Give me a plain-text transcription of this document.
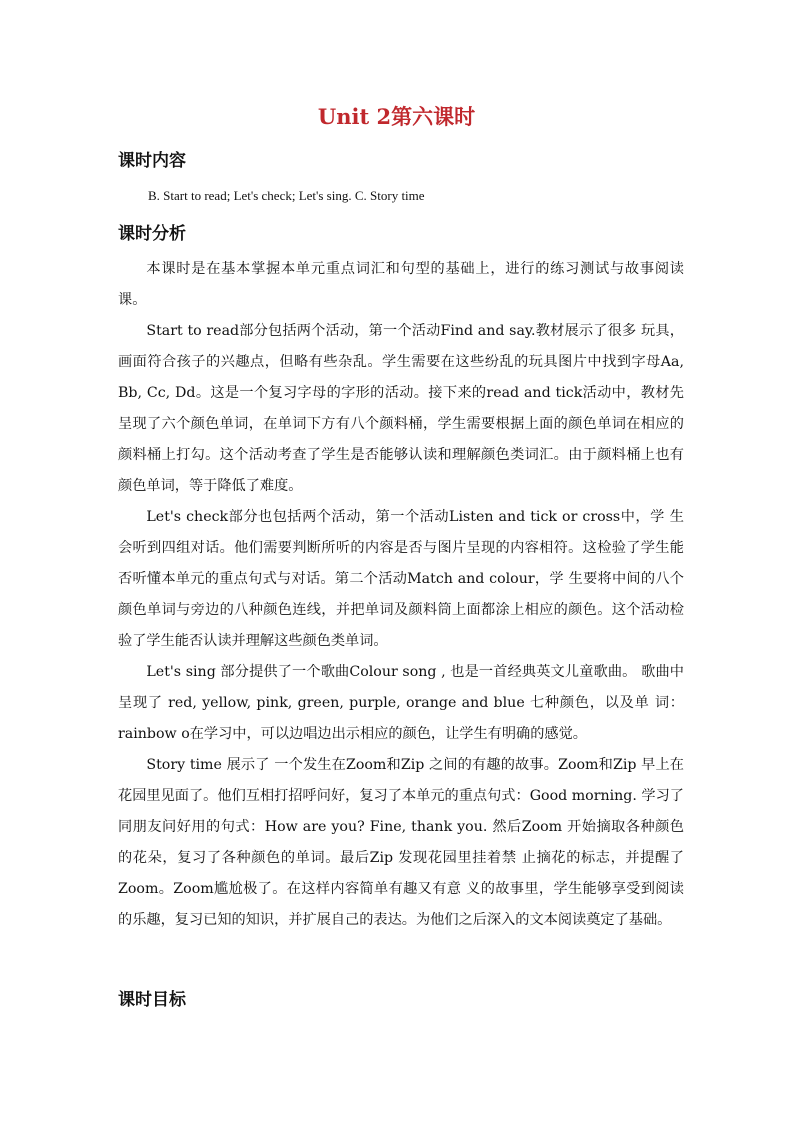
Unit 2第六课时
课时内容
B. Start to read; Let's check; Let's sing. C. Story time
课时分析

本课时是在基本掌握本单元重点词汇和句型的基础上，进行的练习测试与故事阅读课。

Start to read部分包括两个活动，第一个活动Find and say.教材展示了很多 玩具，画面符合孩子的兴趣点，但略有些杂乱。学生需要在这些纷乱的玩具图片中找到字母Aa, Bb, Cc, Dd。这是一个复习字母的字形的活动。接下来的read and tick活动中，教材先呈现了六个颜色单词，在单词下方有八个颜料桶，学生需要根据上面的颜色单词在相应的颜料桶上打勾。这个活动考查了学生是否能够认读和理解颜色类词汇。由于颜料桶上也有颜色单词，等于降低了难度。

Let's check部分也包括两个活动，第一个活动Listen and tick or cross中，学 生会听到四组对话。他们需要判断所听的内容是否与图片呈现的内容相符。这检验了学生能否听懂本单元的重点句式与对话。第二个活动Match and colour，学 生要将中间的八个颜色单词与旁边的八种颜色连线，并把单词及颜料筒上面都涂上相应的颜色。这个活动检验了学生能否认读并理解这些颜色类单词。

Let's sing 部分提供了一个歌曲Colour song , 也是一首经典英文儿童歌曲。 歌曲中呈现了 red, yellow, pink, green, purple, orange and blue 七种颜色，以及单 词：rainbow o在学习中，可以边唱边出示相应的颜色，让学生有明确的感觉。

Story time 展示了 一个发生在Zoom和Zip 之间的有趣的故事。Zoom和Zip 早上在花园里见面了。他们互相打招呼问好，复习了本单元的重点句式：Good morning. 学习了同朋友问好用的句式：How are you? Fine, thank you. 然后Zoom 开始摘取各种颜色的花朵，复习了各种颜色的单词。最后Zip 发现花园里挂着禁 止摘花的标志，并提醒了 Zoom。Zoom尴尬极了。在这样内容简单有趣又有意 义的故事里，学生能够享受到阅读的乐趣，复习已知的知识，并扩展自己的表达。为他们之后深入的文本阅读奠定了基础。

课时目标
